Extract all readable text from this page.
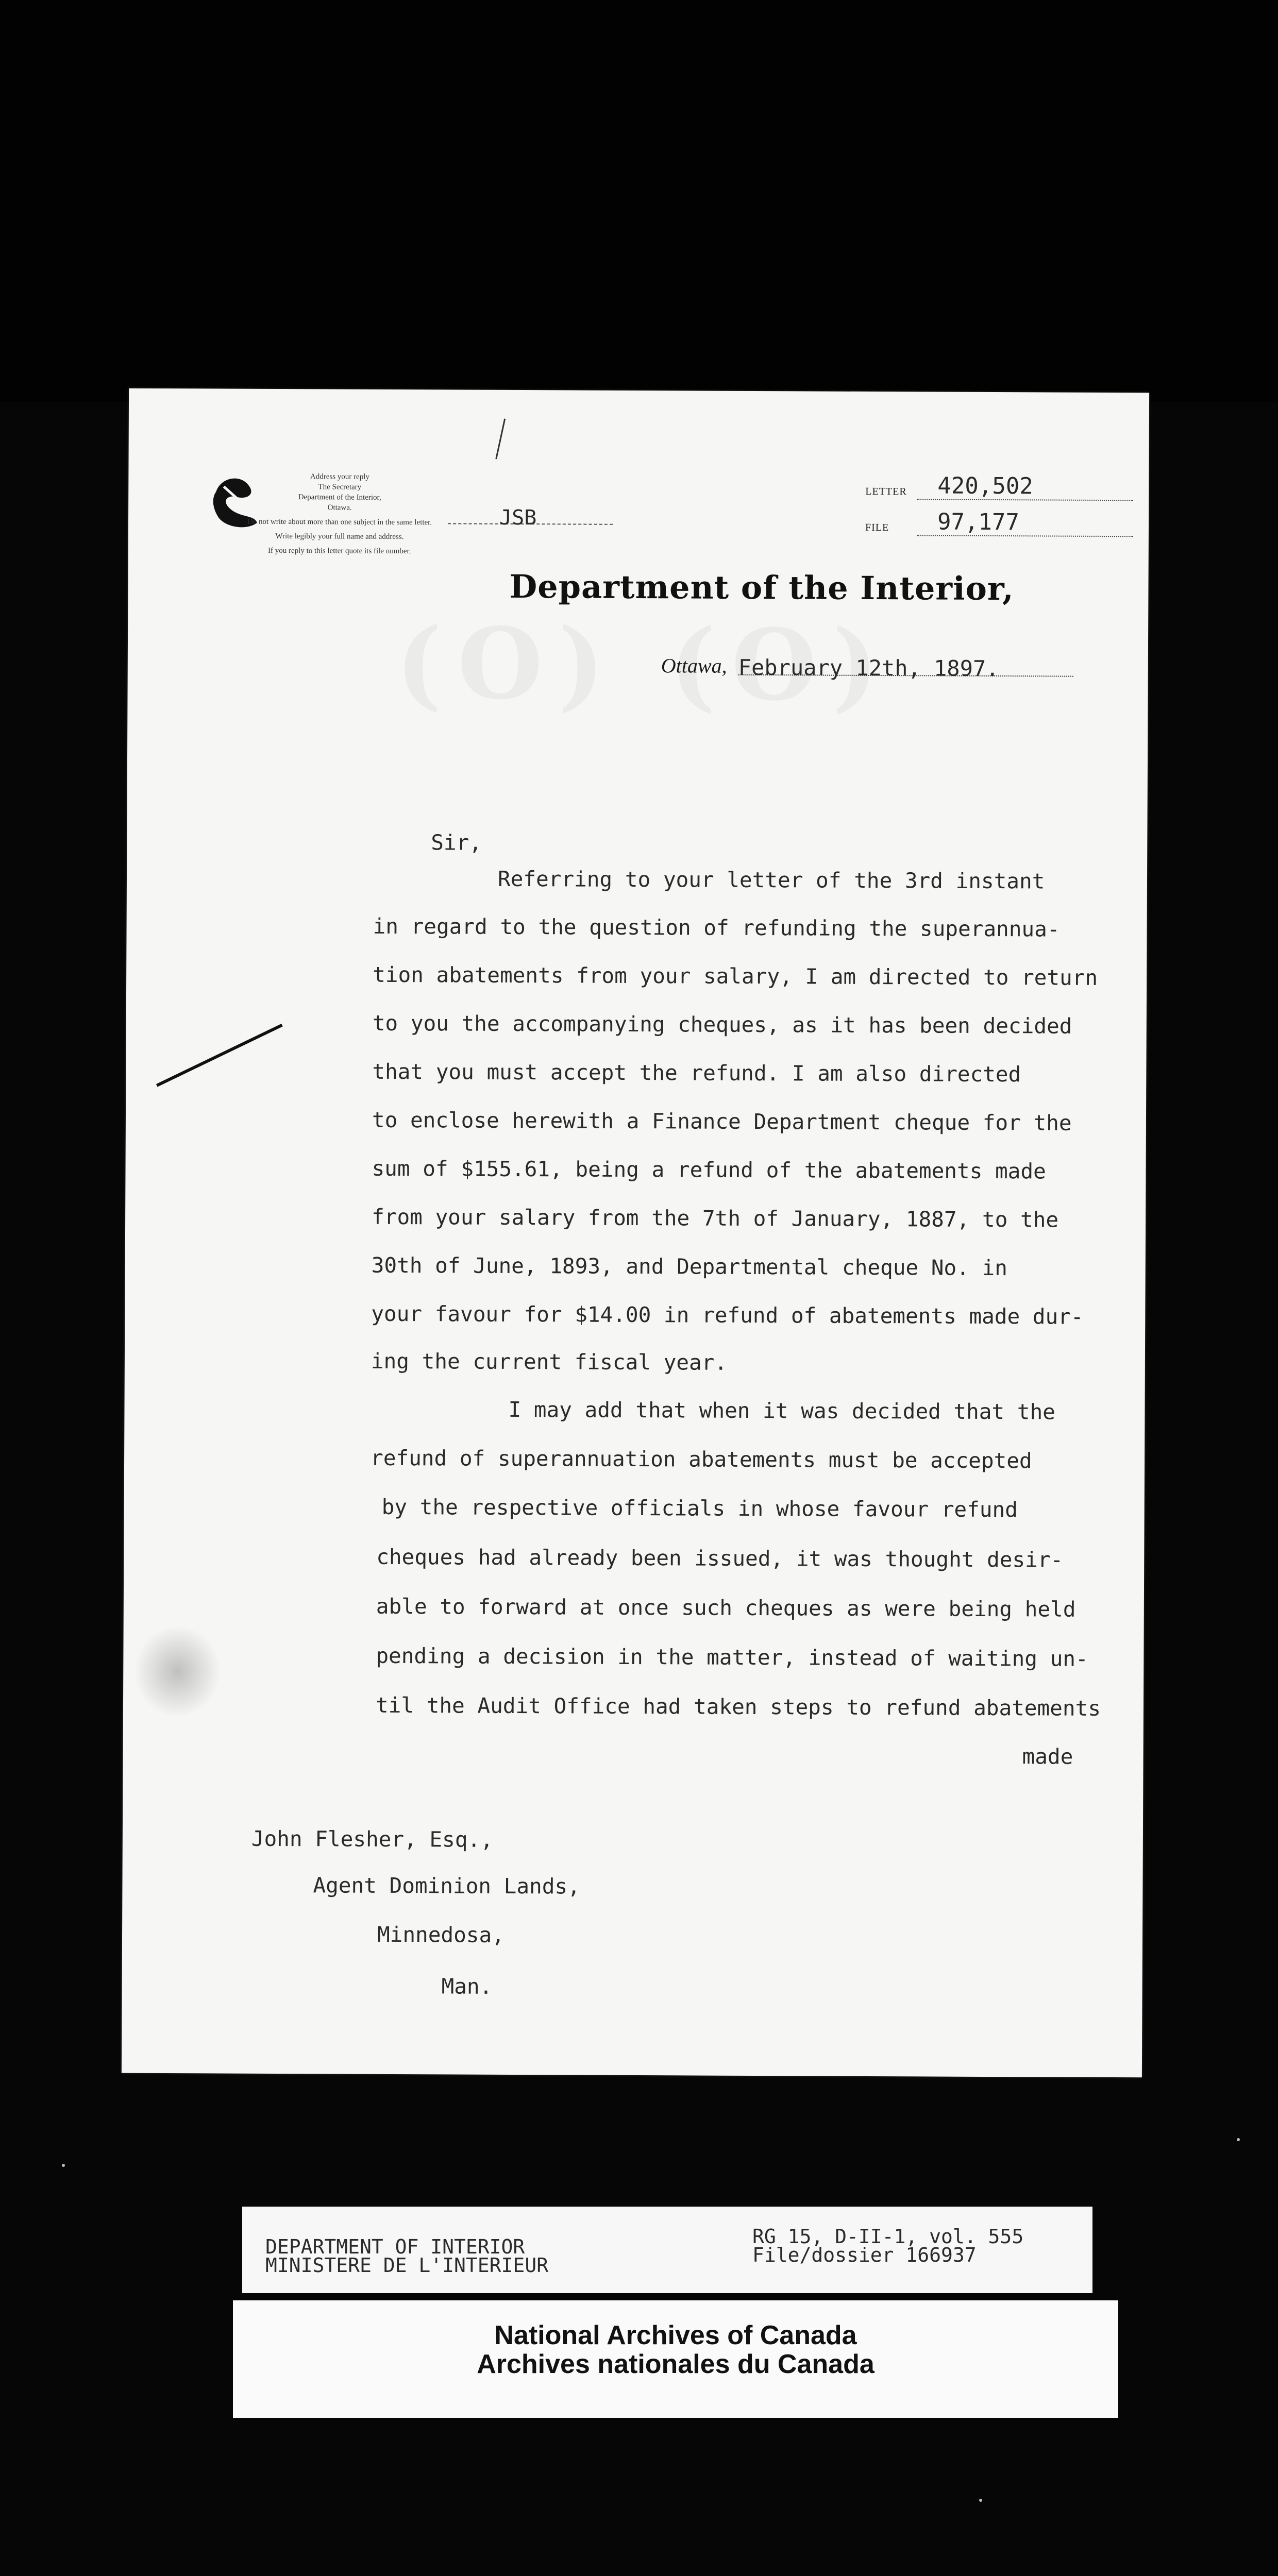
Address your reply
The Secretary
Department of the Interior,
Ottawa.
Do not write about more than one subject in the same letter.
Write legibly your full name and address.
If you reply to this letter quote its file number.
LETTER 420,502
FILE 97,177
JSB
Department of the Interior,
Ottawa, February 12th, 1897.
Sir,
Referring to your letter of the 3rd instant
in regard to the question of refunding the superannua-
tion abatements from your salary, I am directed to return
to you the accompanying cheques, as it has been decided
that you must accept the refund. I am also directed
to enclose herewith a Finance Department cheque for the
sum of $155.61, being a refund of the abatements made
from your salary from the 7th of January, 1887, to the
30th of June, 1893, and Departmental cheque No. in
your favour for $14.00 in refund of abatements made dur-
ing the current fiscal year.
I may add that when it was decided that the
refund of superannuation abatements must be accepted
by the respective officials in whose favour refund
cheques had already been issued, it was thought desir-
able to forward at once such cheques as were being held
pending a decision in the matter, instead of waiting un-
til the Audit Office had taken steps to refund abatements
made
John Flesher, Esq.,
Agent Dominion Lands,
Minnedosa,
Man.
DEPARTMENT OF INTERIOR
MINISTERE DE L'INTERIEUR
RG 15, D-II-1, vol. 555
File/dossier 166937
National Archives of Canada
Archives nationales du Canada
